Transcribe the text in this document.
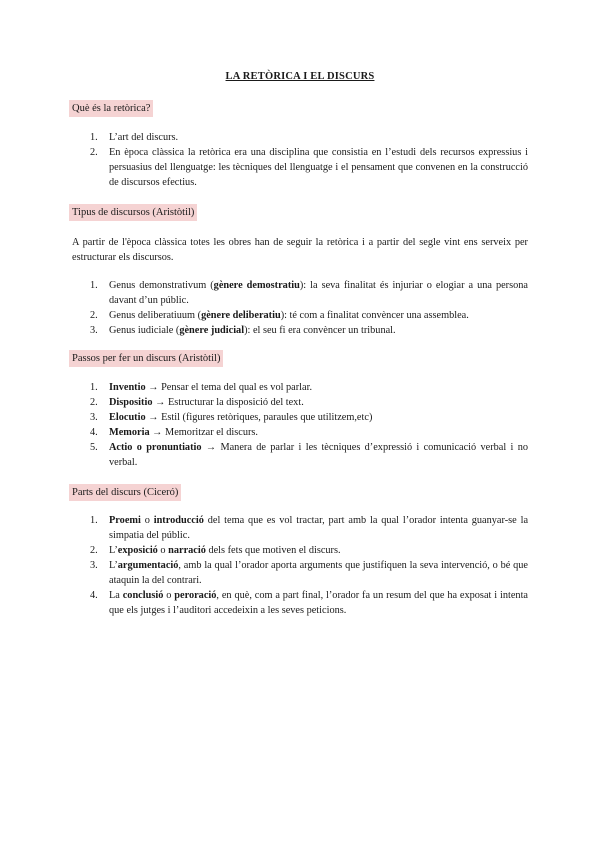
LA RETÒRICA I EL DISCURS
Què és la retòrica?
1. L’art del discurs.
2. En època clàssica la retòrica era una disciplina que consistia en l’estudi dels recursos expressius i persuasius del llenguatge: les tècniques del llenguatge i el pensament que convenen en la construcció de discursos efectius.
Tipus de discursos (Aristòtil)
A partir de l'època clàssica totes les obres han de seguir la retòrica i a partir del segle vint ens serveix per estructurar els discursos.
1. Genus demonstrativum (gènere demostratiu): la seva finalitat és injuriar o elogiar a una persona davant d’un públic.
2. Genus deliberatiuum (gènere deliberatiu): té com a finalitat convèncer una assemblea.
3. Genus iudiciale (gènere judicial): el seu fi era convèncer un tribunal.
Passos per fer un discurs (Aristòtil)
1. Inventio → Pensar el tema del qual es vol parlar.
2. Dispositio → Estructurar la disposició del text.
3. Elocutio → Estil (figures retòriques, paraules que utilitzem,etc)
4. Memoria → Memoritzar el discurs.
5. Actio o pronuntiatio → Manera de parlar i les tècniques d’expressió i comunicació verbal i no verbal.
Parts del discurs (Ciceró)
1. Proemi o introducció del tema que es vol tractar, part amb la qual l’orador intenta guanyar-se la simpatia del públic.
2. L’exposició o narració dels fets que motiven el discurs.
3. L’argumentació, amb la qual l’orador aporta arguments que justifiquen la seva intervenció, o bé que ataquin la del contrari.
4. La conclusió o peroració, en què, com a part final, l’orador fa un resum del que ha exposat i intenta que els jutges i l’auditori accedeixin a les seves peticions.
